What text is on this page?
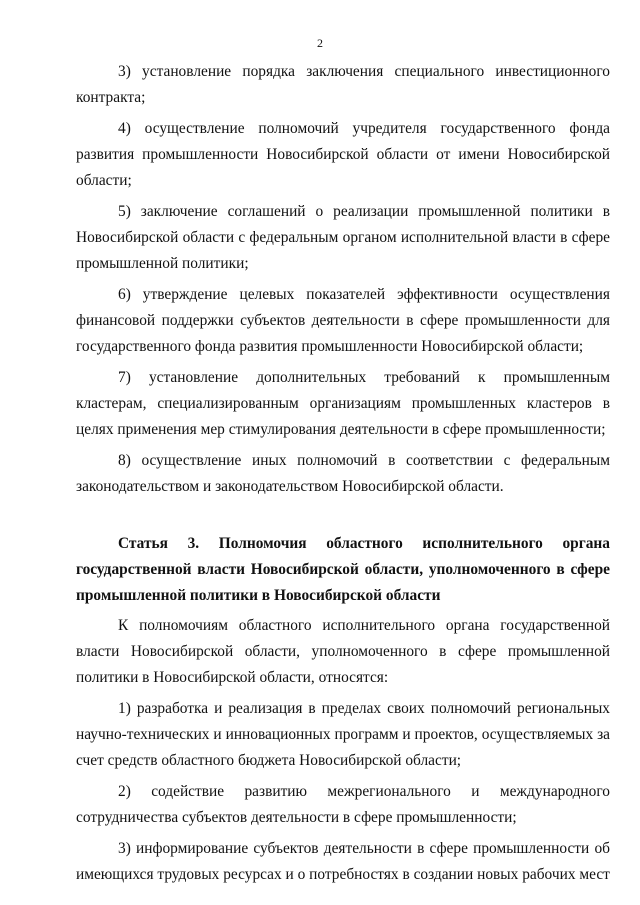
2

3) установление порядка заключения специального инвестиционного контракта;

4) осуществление полномочий учредителя государственного фонда развития промышленности Новосибирской области от имени Новосибирской области;

5) заключение соглашений о реализации промышленной политики в Новосибирской области с федеральным органом исполнительной власти в сфере промышленной политики;

6) утверждение целевых показателей эффективности осуществления финансовой поддержки субъектов деятельности в сфере промышленности для государственного фонда развития промышленности Новосибирской области;

7) установление дополнительных требований к промышленным кластерам, специализированным организациям промышленных кластеров в целях применения мер стимулирования деятельности в сфере промышленности;

8) осуществление иных полномочий в соответствии с федеральным законодательством и законодательством Новосибирской области.

Статья 3. Полномочия областного исполнительного органа государственной власти Новосибирской области, уполномоченного в сфере промышленной политики в Новосибирской области

К полномочиям областного исполнительного органа государственной власти Новосибирской области, уполномоченного в сфере промышленной политики в Новосибирской области, относятся:

1) разработка и реализация в пределах своих полномочий региональных научно-технических и инновационных программ и проектов, осуществляемых за счет средств областного бюджета Новосибирской области;

2) содействие развитию межрегионального и международного сотрудничества субъектов деятельности в сфере промышленности;

3) информирование субъектов деятельности в сфере промышленности об имеющихся трудовых ресурсах и о потребностях в создании новых рабочих мест
